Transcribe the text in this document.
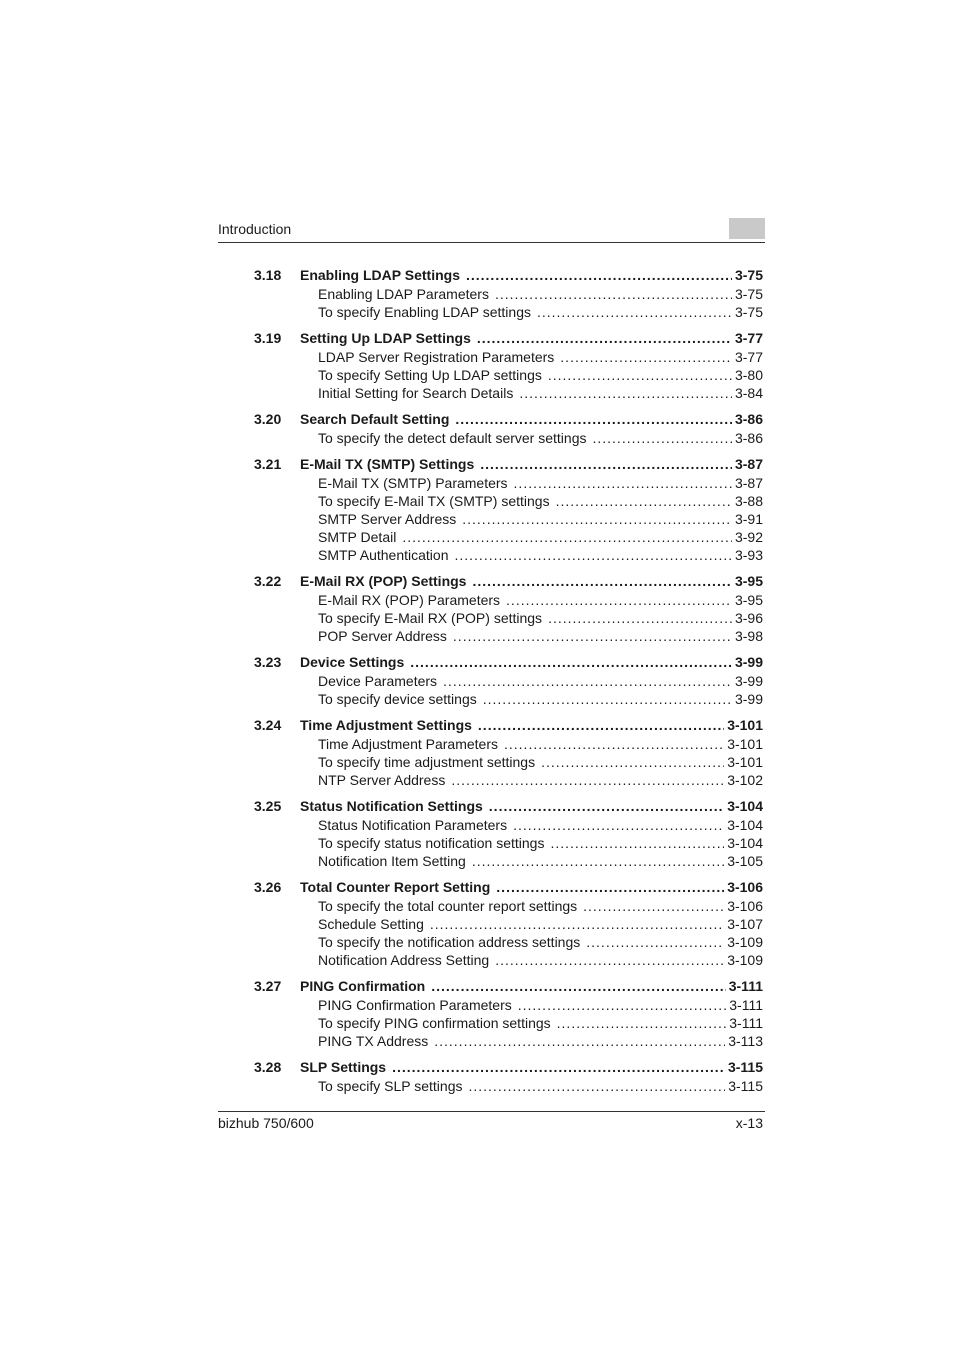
Introduction
3.18	Enabling LDAP Settings .....	3-75
Enabling LDAP Parameters .....	3-75
To specify Enabling LDAP settings .....	3-75
3.19	Setting Up LDAP Settings .....	3-77
LDAP Server Registration Parameters .....	3-77
To specify Setting Up LDAP settings .....	3-80
Initial Setting for Search Details .....	3-84
3.20	Search Default Setting .....	3-86
To specify the detect default server settings .....	3-86
3.21	E-Mail TX (SMTP) Settings .....	3-87
E-Mail TX (SMTP) Parameters .....	3-87
To specify E-Mail TX (SMTP) settings .....	3-88
SMTP Server Address .....	3-91
SMTP Detail .....	3-92
SMTP Authentication .....	3-93
3.22	E-Mail RX (POP) Settings .....	3-95
E-Mail RX (POP) Parameters .....	3-95
To specify E-Mail RX (POP) settings .....	3-96
POP Server Address .....	3-98
3.23	Device Settings .....	3-99
Device Parameters .....	3-99
To specify device settings .....	3-99
3.24	Time Adjustment Settings .....	3-101
Time Adjustment Parameters .....	3-101
To specify time adjustment settings .....	3-101
NTP Server Address .....	3-102
3.25	Status Notification Settings .....	3-104
Status Notification Parameters .....	3-104
To specify status notification settings .....	3-104
Notification Item Setting .....	3-105
3.26	Total Counter Report Setting .....	3-106
To specify the total counter report settings .....	3-106
Schedule Setting .....	3-107
To specify the notification address settings .....	3-109
Notification Address Setting .....	3-109
3.27	PING Confirmation .....	3-111
PING Confirmation Parameters .....	3-111
To specify PING confirmation settings .....	3-111
PING TX Address .....	3-113
3.28	SLP Settings .....	3-115
To specify SLP settings .....	3-115
bizhub 750/600	x-13
